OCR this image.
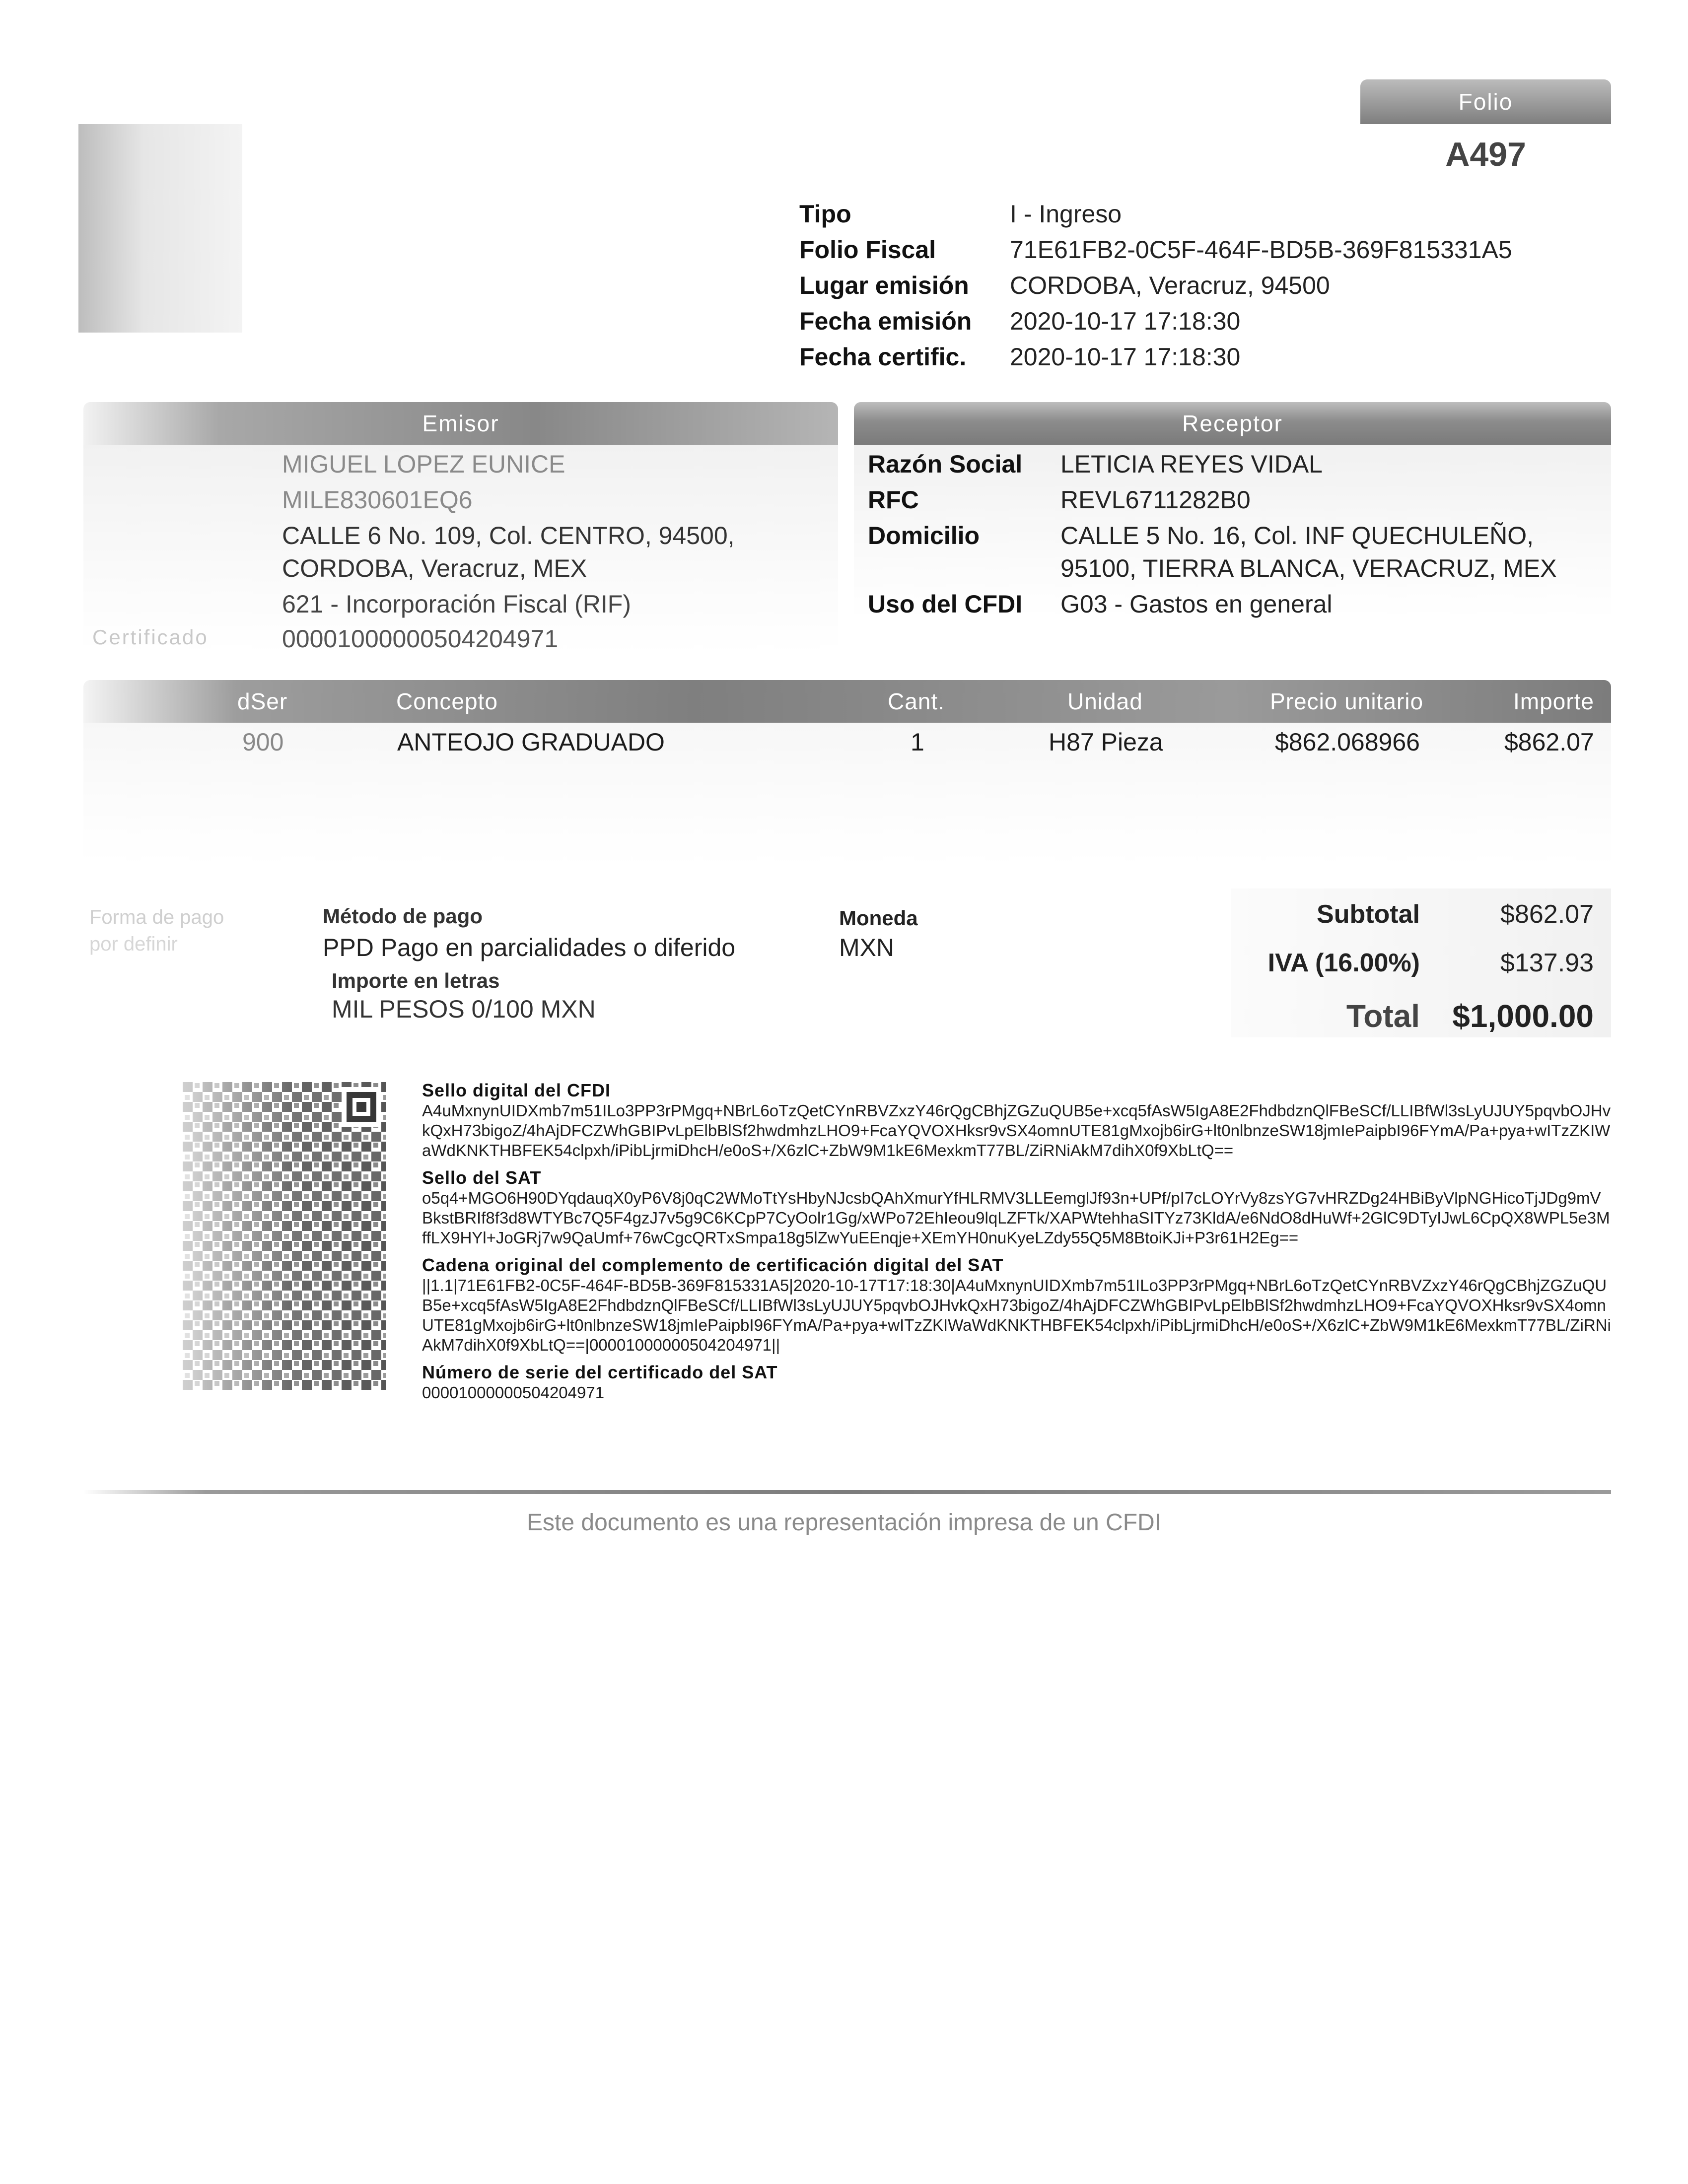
Folio
A497
Tipo	I - Ingreso
Folio Fiscal	71E61FB2-0C5F-464F-BD5B-369F815331A5
Lugar emisión CORDOBA, Veracruz, 94500
Fecha emisión 2020-10-17 17:18:30
Fecha certific. 2020-10-17 17:18:30
Emisor
MIGUEL LOPEZ EUNICE
MILE830601EQ6
CALLE 6 No. 109, Col. CENTRO, 94500,
CORDOBA, Veracruz, MEX
621 - Incorporación Fiscal (RIF)
Certificado	00001000000504204971
Receptor
Razón Social LETICIA REYES VIDAL
RFC	REVL6711282B0
Domicilio	CALLE 5 No. 16, Col. INF QUECHULEÑO,
95100, TIERRA BLANCA, VERACRUZ, MEX
Uso del CFDI G03 - Gastos en general
dSer	Concepto	Cant.	Unidad	Precio unitario	Importe
900	ANTEOJO GRADUADO	1	H87 Pieza	$862.068966	$862.07
Forma de pago
por definir
Método de pago
PPD Pago en parcialidades o diferido
Importe en letras
MIL PESOS 0/100 MXN
Moneda
MXN
Subtotal	$862.07
IVA (16.00%)	$137.93
Total	$1,000.00
Sello digital del CFDI
A4uMxnynUIDXmb7m51ILo3PP3rPMgq+NBrL6oTzQetCYnRBVZxzY46rQgCBhjZGZuQUB5e+xcq5fAsW5IgA8E2FhdbdznQlFBeSCf/LLIBfWl3sLyUJUY5pqvbOJHvkQxH73bigoZ/4hAjDFCZWhGBIPvLpElbBlSf2hwdmhzLHO9+FcaYQVOXHksr9vSX4omnUTE81gMxojb6irG+lt0nlbnzeSW18jmIePaipbI96FYmA/Pa+pya+wITzZKIWaWdKNKTHBFEK54clpxh/iPibLjrmiDhcH/e0oS+/X6zlC+ZbW9M1kE6MexkmT77BL/ZiRNiAkM7dihX0f9XbLtQ==
Sello del SAT
o5q4+MGO6H90DYqdauqX0yP6V8j0qC2WMoTtYsHbyNJcsbQAhXmurYfHLRMV3LLEemglJf93n+UPf/pI7cLOYrVy8zsYG7vHRZDg24HBiByVlpNGHicoTjJDg9mVBkstBRIf8f3d8WTYBc7Q5F4gzJ7v5g9C6KCpP7CyOolr1Gg/xWPo72EhIeou9lqLZFTk/XAPWtehhaSITYz73KldA/e6NdO8dHuWf+2GlC9DTyIJwL6CpQX8WPL5e3MffLX9HYl+JoGRj7w9QaUmf+76wCgcQRTxSmpa18g5lZwYuEEnqje+XEmYH0nuKyeLZdy55Q5M8BtoiKJi+P3r61H2Eg==
Cadena original del complemento de certificación digital del SAT
||1.1|71E61FB2-0C5F-464F-BD5B-369F815331A5|2020-10-17T17:18:30|A4uMxnynUIDXmb7m51ILo3PP3rPMgq+NBrL6oTzQetCYnRBVZxzY46rQgCBhjZGZuQUB5e+xcq5fAsW5IgA8E2FhdbdznQlFBeSCf/LLIBfWl3sLyUJUY5pqvbOJHvkQxH73bigoZ/4hAjDFCZWhGBIPvLpElbBlSf2hwdmhzLHO9+FcaYQVOXHksr9vSX4omnUTE81gMxojb6irG+lt0nlbnzeSW18jmIePaipbI96FYmA/Pa+pya+wITzZKIWaWdKNKTHBFEK54clpxh/iPibLjrmiDhcH/e0oS+/X6zlC+ZbW9M1kE6MexkmT77BL/ZiRNiAkM7dihX0f9XbLtQ==|00001000000504204971||
Número de serie del certificado del SAT
00001000000504204971
Este documento es una representación impresa de un CFDI
